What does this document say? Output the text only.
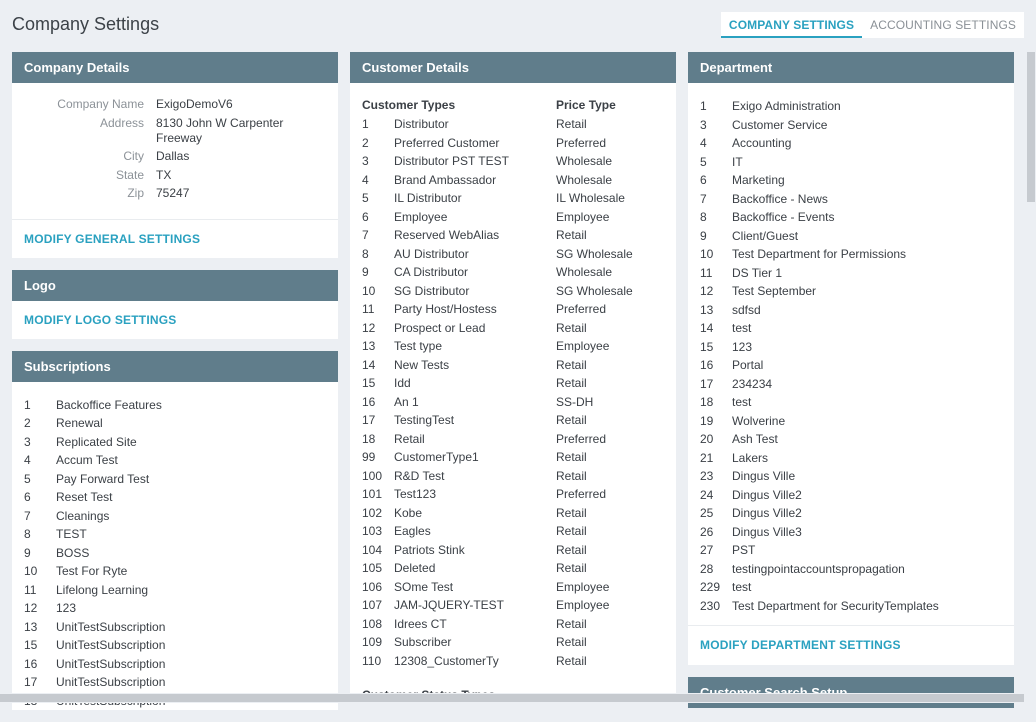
Company Settings	COMPANY SETTINGS	ACCOUNTING SETTINGS
Company Details
Company Name	ExigoDemoV6
Address	8130 John W Carpenter Freeway
City	Dallas
State	TX
Zip	75247
MODIFY GENERAL SETTINGS
Logo
MODIFY LOGO SETTINGS
Subscriptions
1	Backoffice Features
2	Renewal
3	Replicated Site
4	Accum Test
5	Pay Forward Test
6	Reset Test
7	Cleanings
8	TEST
9	BOSS
10	Test For Ryte
11	Lifelong Learning
12	123
13	UnitTestSubscription
15	UnitTestSubscription
16	UnitTestSubscription
17	UnitTestSubscription
Customer Details
Customer Types	Price Type
1	Distributor	Retail
2	Preferred Customer	Preferred
3	Distributor PST TEST	Wholesale
4	Brand Ambassador	Wholesale
5	IL Distributor	IL Wholesale
6	Employee	Employee
7	Reserved WebAlias	Retail
8	AU Distributor	SG Wholesale
9	CA Distributor	Wholesale
10	SG Distributor	SG Wholesale
11	Party Host/Hostess	Preferred
12	Prospect or Lead	Retail
13	Test type	Employee
14	New Tests	Retail
15	Idd	Retail
16	An 1	SS-DH
17	TestingTest	Retail
18	Retail	Preferred
99	CustomerType1	Retail
100 R&D Test	Retail
101 Test123	Preferred
102 Kobe	Retail
103 Eagles	Retail
104 Patriots Stink	Retail
105 Deleted	Retail
106 SOme Test	Employee
107 JAM-JQUERY-TEST	Employee
108 Idrees CT	Retail
109 Subscriber	Retail
110	12308_CustomerTy	Retail
Department
1	Exigo Administration
3	Customer Service
4	Accounting
5	IT
6	Marketing
7	Backoffice - News
8	Backoffice - Events
9	Client/Guest
10	Test Department for Permissions
11	DS Tier 1
12	Test September
13	sdfsd
14	test
15	123
16	Portal
17	234234
18	test
19	Wolverine
20	Ash Test
21	Lakers
23	Dingus Ville
24	Dingus Ville2
25	Dingus Ville2
26	Dingus Ville3
27	PST
28	testingpointaccountspropagation
229 test
230 Test Department for SecurityTemplates
MODIFY DEPARTMENT SETTINGS
